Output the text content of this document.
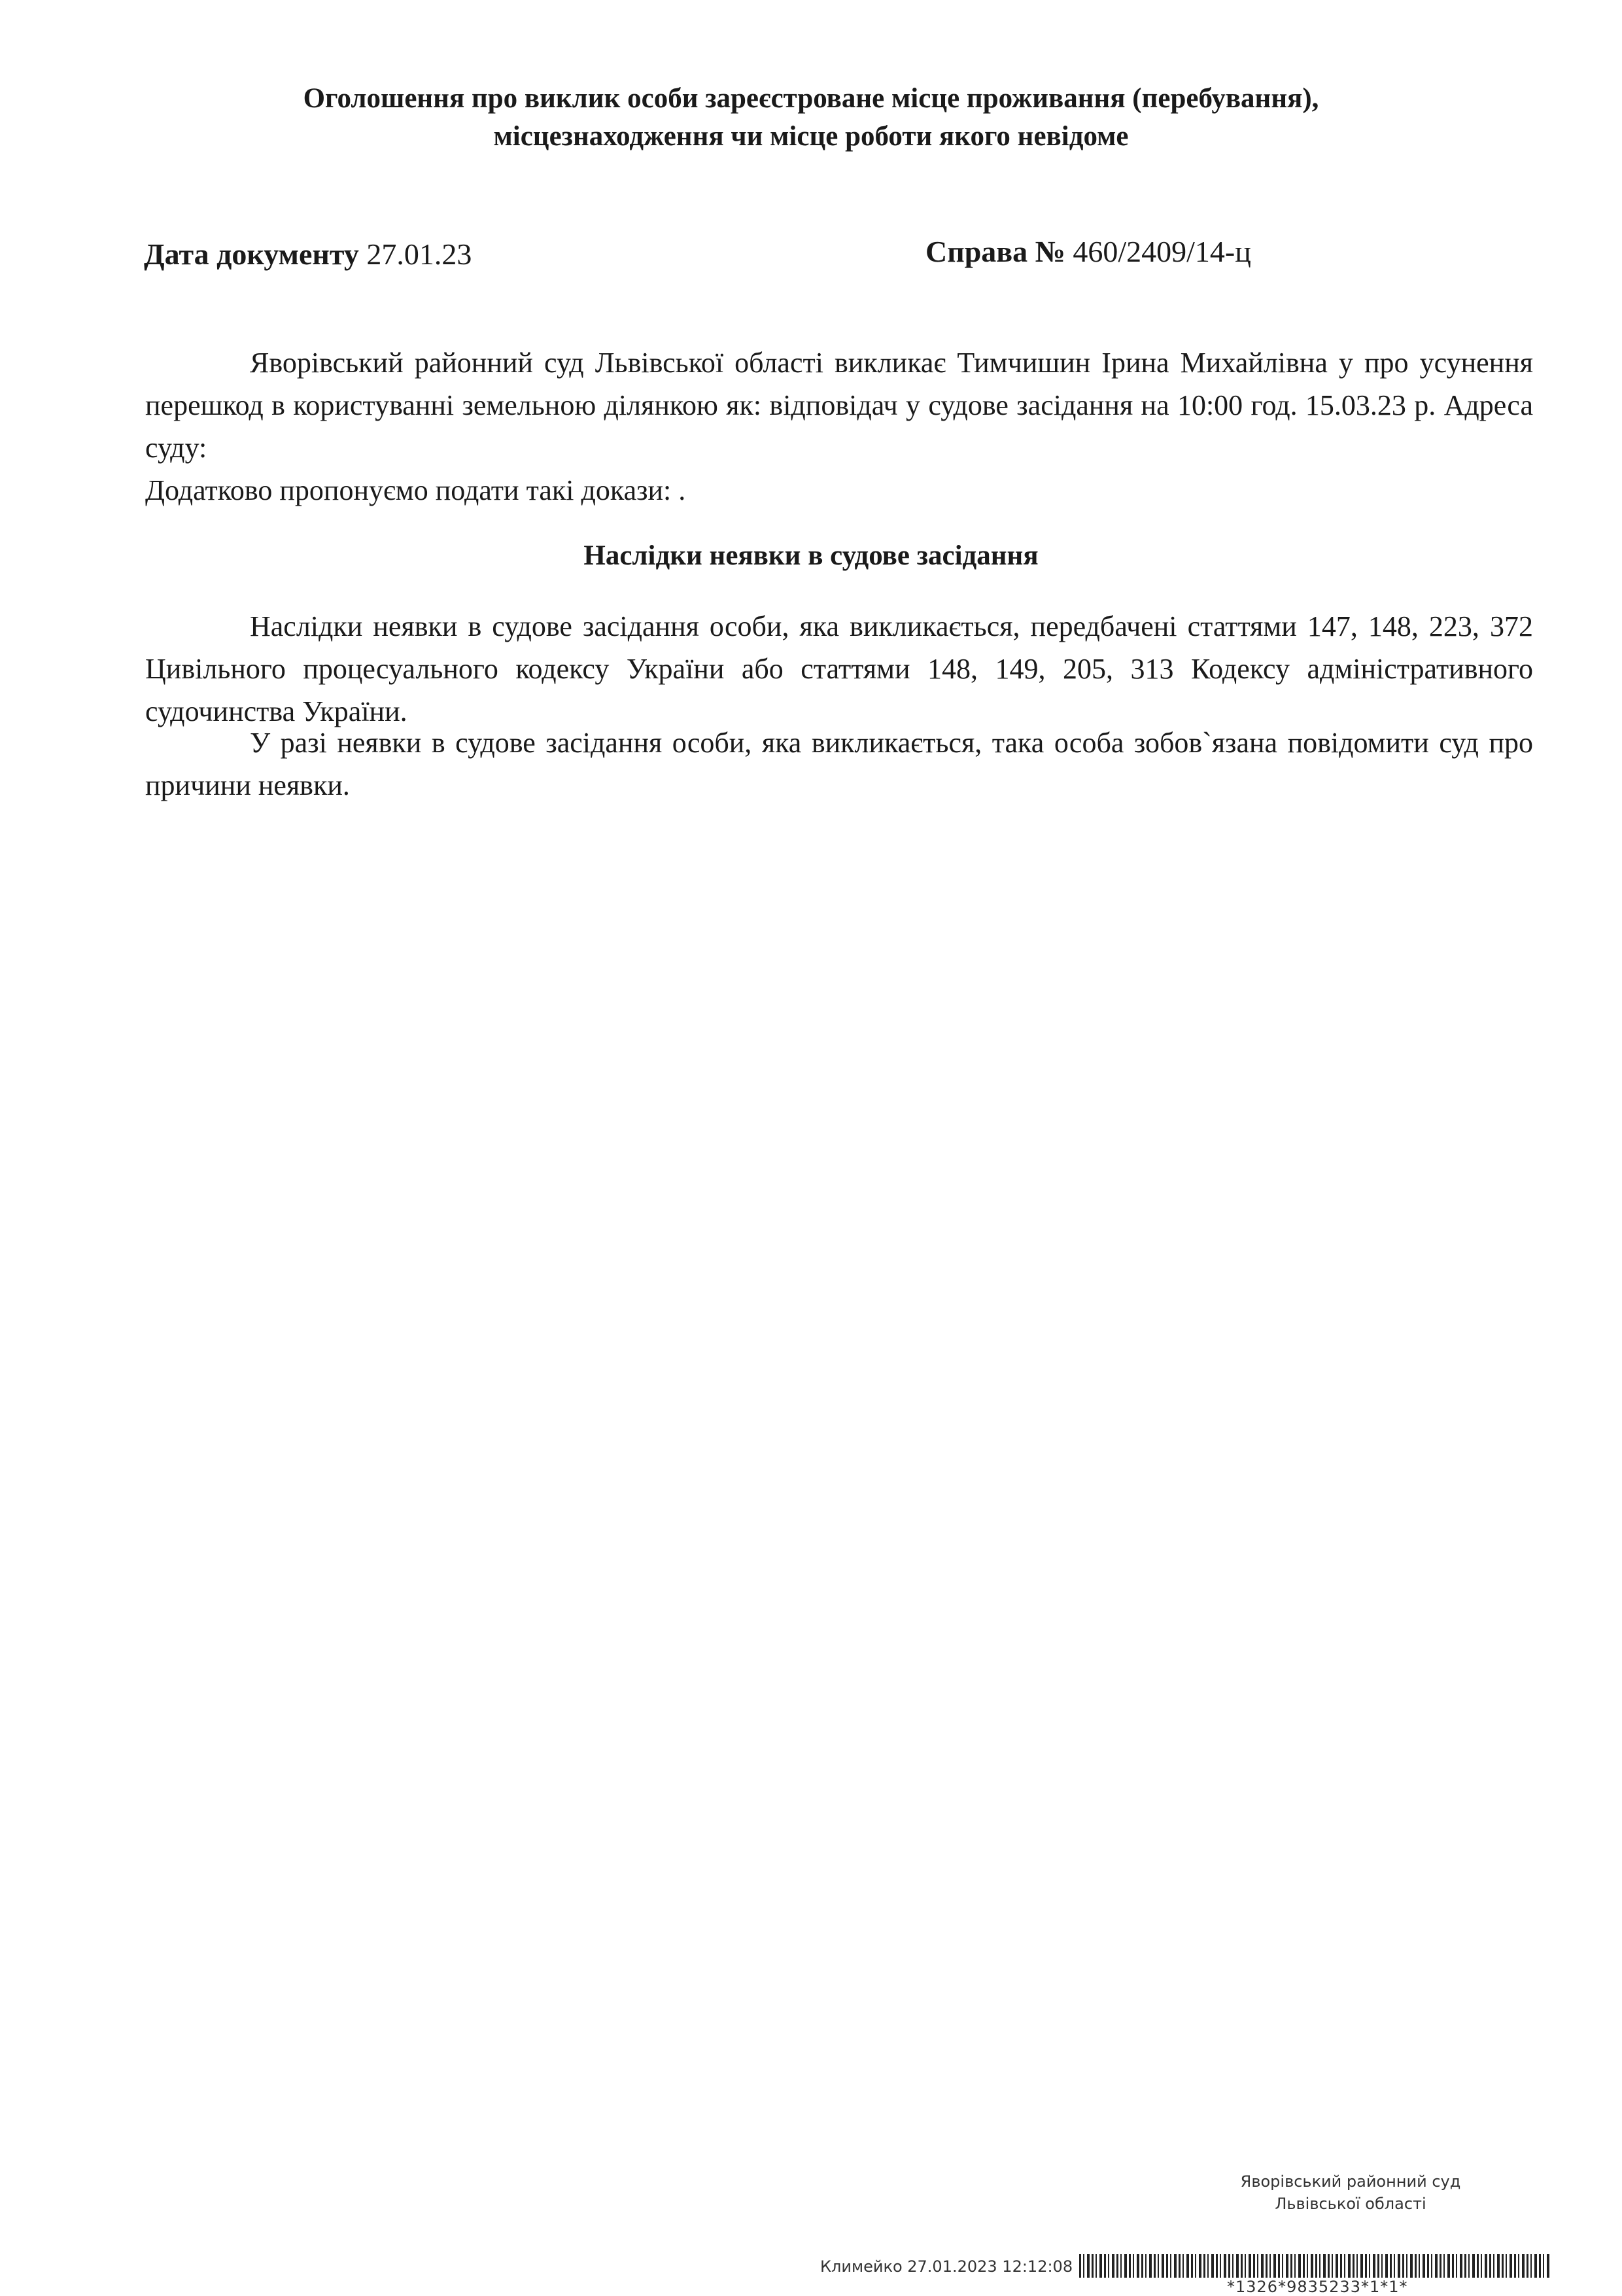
Оголошення про виклик особи зареєстроване місце проживання (перебування),
місцезнаходження чи місце роботи якого невідоме
Дата документу 27.01.23	Справа № 460/2409/14-ц
Яворівський районний суд Львівської області викликає Тимчишин Ірина Михайлівна у про усунення перешкод в користуванні земельною ділянкою як: відповідач у судове засідання на 10:00 год. 15.03.23 р. Адреса суду:
Додатково пропонуємо подати такі докази: .
Наслідки неявки в судове засідання
Наслідки неявки в судове засідання особи, яка викликається, передбачені статтями 147, 148, 223, 372 Цивільного процесуального кодексу України або статтями 148, 149, 205, 313 Кодексу адміністративного судочинства України.
У разі неявки в судове засідання особи, яка викликається, така особа зобов`язана повідомити суд про причини неявки.
Яворівський районний суд
Львівської області
Климейко 27.01.2023 12:12:08
*1326*9835233*1*1*
